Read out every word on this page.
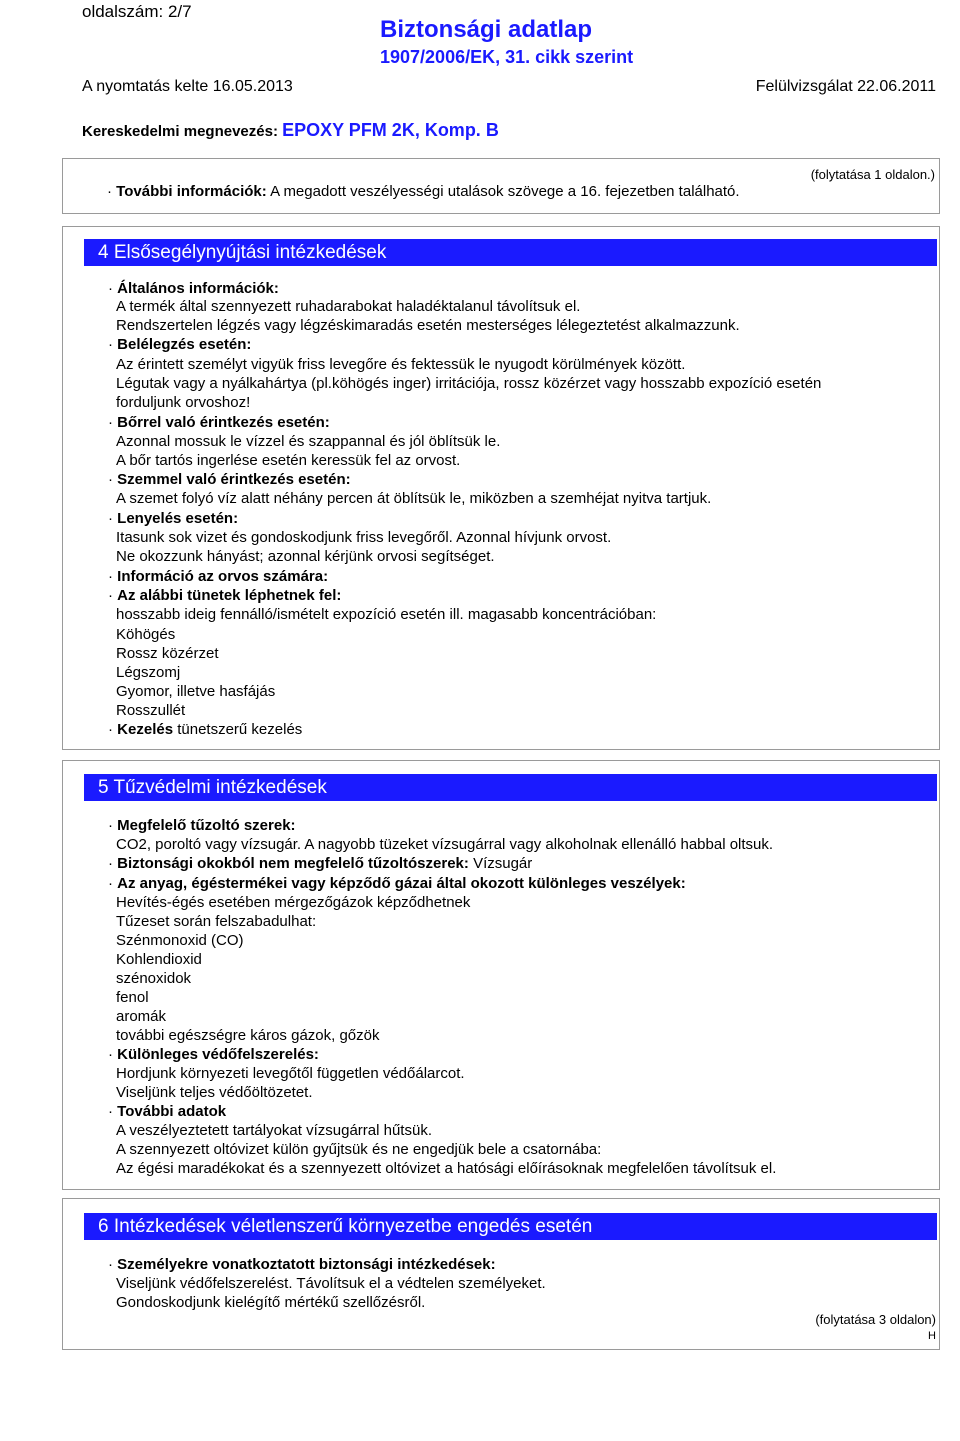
oldalszám: 2/7
Biztonsági adatlap
1907/2006/EK, 31. cikk szerint
A nyomtatás kelte 16.05.2013	Felülvizsgálat 22.06.2011
Kereskedelmi megnevezés: EPOXY PFM 2K, Komp. B
(folytatása 1 oldalon.)
· További információk: A megadott veszélyességi utalások szövege a 16. fejezetben található.
4 Elsősegélynyújtási intézkedések
· Általános információk:
A termék által szennyezett ruhadarabokat haladéktalanul távolítsuk el.
Rendszertelen légzés vagy légzéskimaradás esetén mesterséges lélegeztetést alkalmazzunk.
· Belélegzés esetén:
Az érintett személyt vigyük friss levegőre és fektessük le nyugodt körülmények között.
Légutak vagy a nyálkahártya (pl.köhögés inger) irritációja, rossz közérzet vagy hosszabb expozíció esetén
forduljunk orvoshoz!
· Bőrrel való érintkezés esetén:
Azonnal mossuk le vízzel és szappannal és jól öblítsük le.
A bőr tartós ingerlése esetén keressük fel az orvost.
· Szemmel való érintkezés esetén:
A szemet folyó víz alatt néhány percen át öblítsük le, miközben a szemhéjat nyitva tartjuk.
· Lenyelés esetén:
Itasunk sok vizet és gondoskodjunk friss levegőről. Azonnal hívjunk orvost.
Ne okozzunk hányást; azonnal kérjünk orvosi segítséget.
· Információ az orvos számára:
· Az alábbi tünetek léphetnek fel:
hosszabb ideig fennálló/ismételt expozíció esetén ill. magasabb koncentrációban:
Köhögés
Rossz közérzet
Légszomj
Gyomor, illetve hasfájás
Rosszullét
· Kezelés tünetszerű kezelés
5 Tűzvédelmi intézkedések
· Megfelelő tűzoltó szerek:
CO2, poroltó vagy vízsugár. A nagyobb tüzeket vízsugárral vagy alkoholnak ellenálló habbal oltsuk.
· Biztonsági okokból nem megfelelő tűzoltószerek: Vízsugár
· Az anyag, égéstermékei vagy képződő gázai által okozott különleges veszélyek:
Hevítés-égés esetében mérgezőgázok képződhetnek
Tűzeset során felszabadulhat:
Szénmonoxid (CO)
Kohlendioxid
szénoxidok
fenol
aromák
további egészségre káros gázok, gőzök
· Különleges védőfelszerelés:
Hordjunk környezeti levegőtől független védőálarcot.
Viseljünk teljes védőöltözetet.
· További adatok
A veszélyeztetett tartályokat vízsugárral hűtsük.
A szennyezett oltóvizet külön gyűjtsük és ne engedjük bele a csatornába:
Az égési maradékokat és a szennyezett oltóvizet a hatósági előírásoknak megfelelően távolítsuk el.
6 Intézkedések véletlenszerű környezetbe engedés esetén
· Személyekre vonatkoztatott biztonsági intézkedések:
Viseljünk védőfelszerelést. Távolítsuk el a védtelen személyeket.
Gondoskodjunk kielégítő mértékű szellőzésről.
(folytatása 3 oldalon)
H
